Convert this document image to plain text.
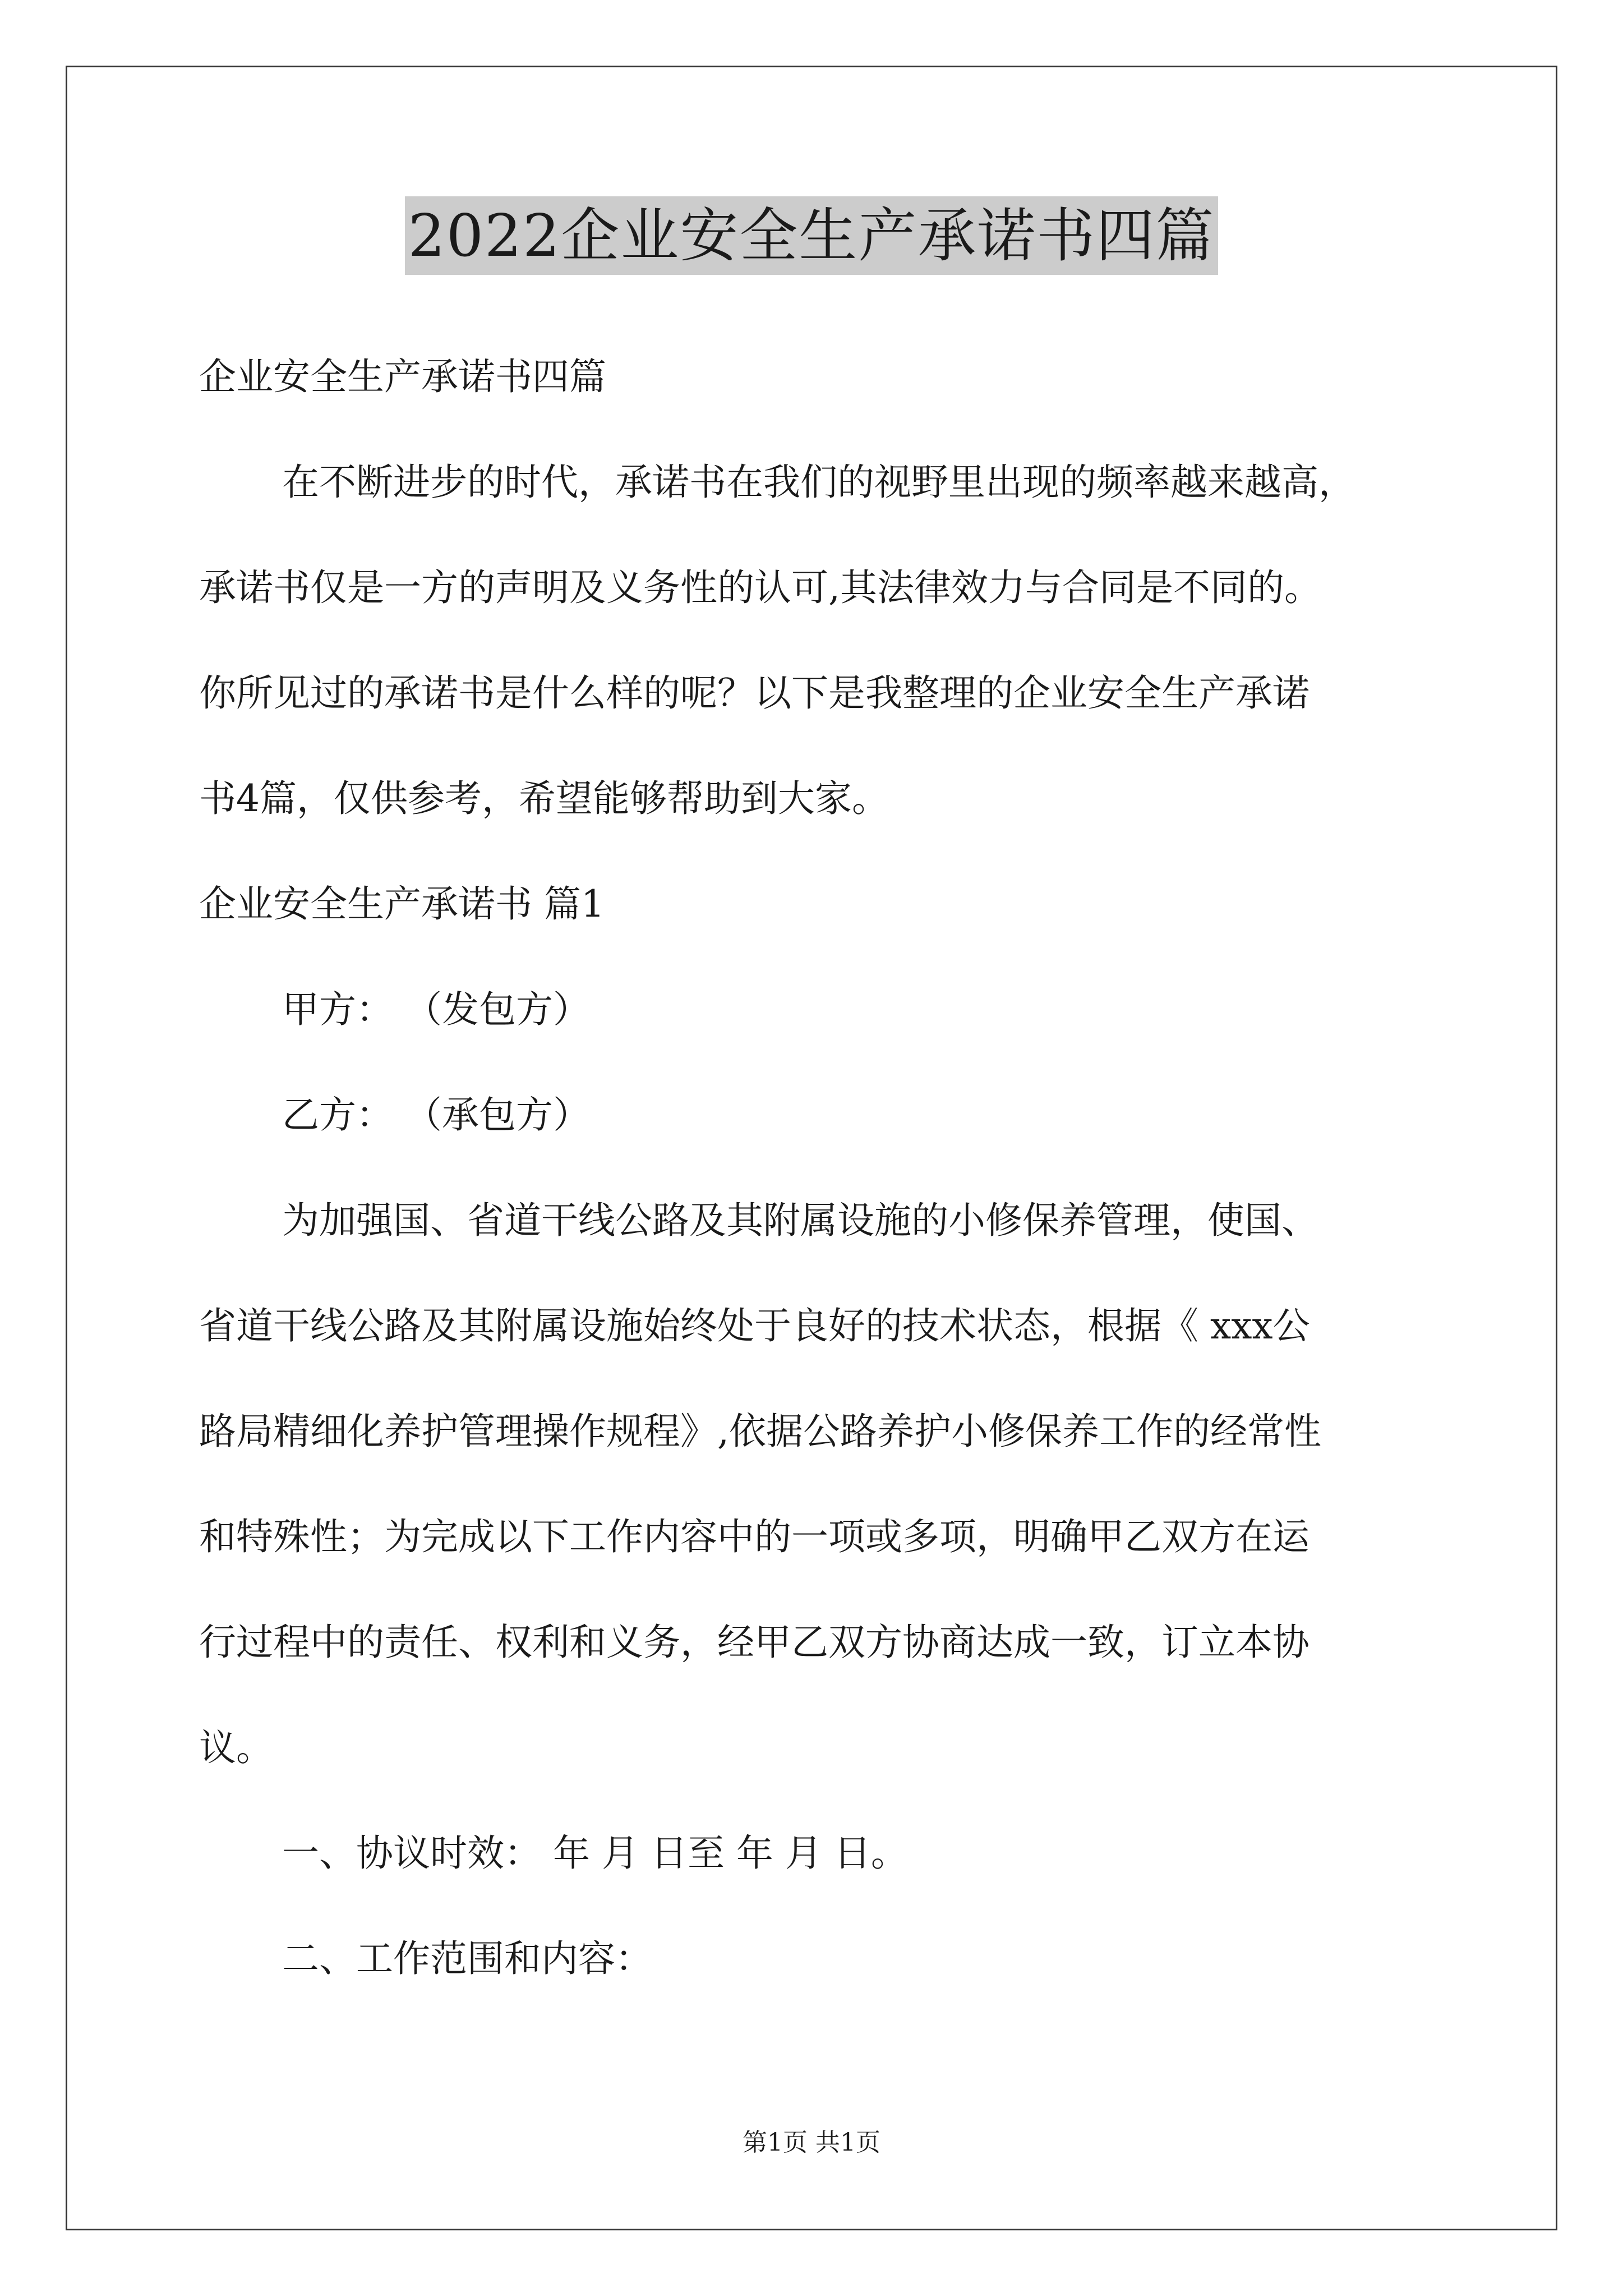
2022企业安全生产承诺书四篇
企业安全生产承诺书四篇
在不断进步的时代，承诺书在我们的视野里出现的频率越来越高，
承诺书仅是一方的声明及义务性的认可,其法律效力与合同是不同的。
你所见过的承诺书是什么样的呢？以下是我整理的企业安全生产承诺
书4篇，仅供参考，希望能够帮助到大家。
企业安全生产承诺书 篇1
甲方： （发包方）
乙方： （承包方）
为加强国、省道干线公路及其附属设施的小修保养管理，使国、
省道干线公路及其附属设施始终处于良好的技术状态，根据《 xxx公
路局精细化养护管理操作规程》,依据公路养护小修保养工作的经常性
和特殊性；为完成以下工作内容中的一项或多项，明确甲乙双方在运
行过程中的责任、权利和义务，经甲乙双方协商达成一致，订立本协
议。
一、协议时效： 年 月 日至 年 月 日。
二、工作范围和内容：
第1页 共1页
